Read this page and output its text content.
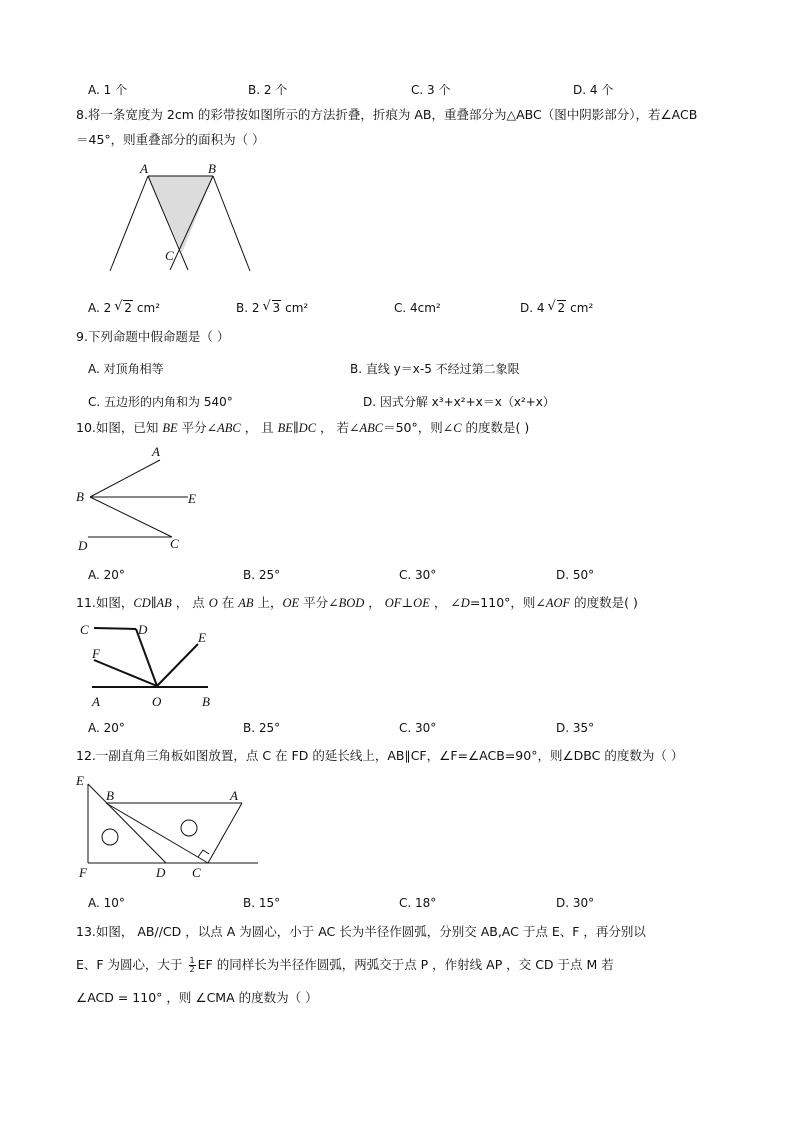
A. 1 个	B. 2 个	C. 3 个	D. 4 个
8.将一条宽度为 2cm 的彩带按如图所示的方法折叠，折痕为 AB，重叠部分为△ABC（图中阴影部分），若∠ACB
＝45°，则重叠部分的面积为（ ）
A	B
C
A. 2 √ 2 cm²	B. 2 √ 3 cm²	C. 4cm²	D. 4 √ 2 cm²
9.下列命题中假命题是（ ）
A. 对顶角相等	B. 直线 y＝x-5 不经过第二象限
C. 五边形的内角和为 540°	D. 因式分解 x³+x²+x＝x（x²+x）
10.如图，已知 BE 平分∠ABC ， 且 BE∥DC ， 若∠ABC＝50°，则∠C 的度数是( )
A
B	E
D	C
A. 20°	B. 25°	C. 30°	D. 50°
11.如图，CD∥AB ， 点 O 在 AB 上，OE 平分∠BOD ， OF⊥OE ， ∠D=110°，则∠AOF 的度数是( )
C	D
E
F
A	O	B
A. 20°	B. 25°	C. 30°	D. 35°
12.一副直角三角板如图放置，点 C 在 FD 的延长线上，AB∥CF，∠F=∠ACB=90°，则∠DBC 的度数为（ ）
E
B	A
F	D C
A. 10°	B. 15°	C. 18°	D. 30°
13.如图， AB//CD ，以点 A 为圆心，小于 AC 长为半径作圆弧，分别交 AB,AC 于点 E、F ，再分别以
E、F 为圆心，大于 $\frac{1}{2}$ EF 的同样长为半径作圆弧，两弧交于点 P ，作射线 AP ，交 CD 于点 M 若
∠ACD = 110° ，则 ∠CMA 的度数为（ ）
